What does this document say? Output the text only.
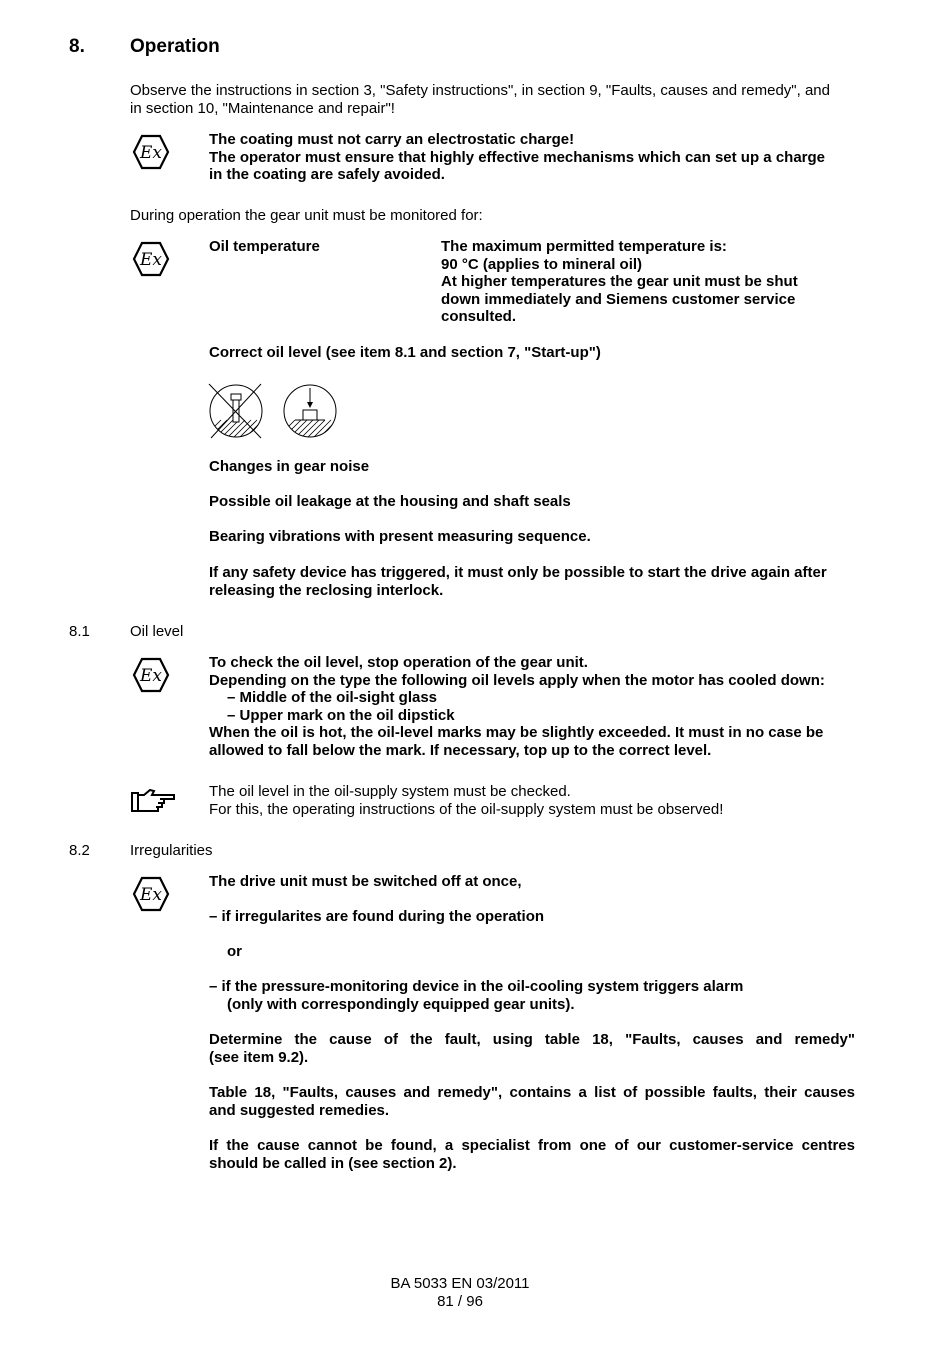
8. Operation
Observe the instructions in section 3, "Safety instructions", in section 9, "Faults, causes and remedy", and
in section 10, "Maintenance and repair"!
Ex
The coating must not carry an electrostatic charge!
The operator must ensure that highly effective mechanisms which can set up a charge
in the coating are safely avoided.
During operation the gear unit must be monitored for:
Ex
Oil temperature	The maximum permitted temperature is:
90 °C (applies to mineral oil)
At higher temperatures the gear unit must be shut
down immediately and Siemens customer service
consulted.
Correct oil level (see item 8.1 and section 7, "Start-up")
Changes in gear noise
Possible oil leakage at the housing and shaft seals
Bearing vibrations with present measuring sequence.
If any safety device has triggered, it must only be possible to start the drive again after
releasing the reclosing interlock.
8.1	Oil level
Ex
To check the oil level, stop operation of the gear unit.
Depending on the type the following oil levels apply when the motor has cooled down:
– Middle of the oil-sight glass
– Upper mark on the oil dipstick
When the oil is hot, the oil-level marks may be slightly exceeded. It must in no case be
allowed to fall below the mark. If necessary, top up to the correct level.
The oil level in the oil-supply system must be checked.
For this, the operating instructions of the oil-supply system must be observed!
8.2	Irregularities
Ex
The drive unit must be switched off at once,
– if irregularites are found during the operation
or
– if the pressure-monitoring device in the oil-cooling system triggers alarm
(only with correspondingly equipped gear units).
Determine the cause of the fault, using table 18, "Faults, causes and remedy"
(see item 9.2).
Table 18, "Faults, causes and remedy", contains a list of possible faults, their causes
and suggested remedies.
If the cause cannot be found, a specialist from one of our customer-service centres
should be called in (see section 2).
BA 5033 EN 03/2011
81 / 96
